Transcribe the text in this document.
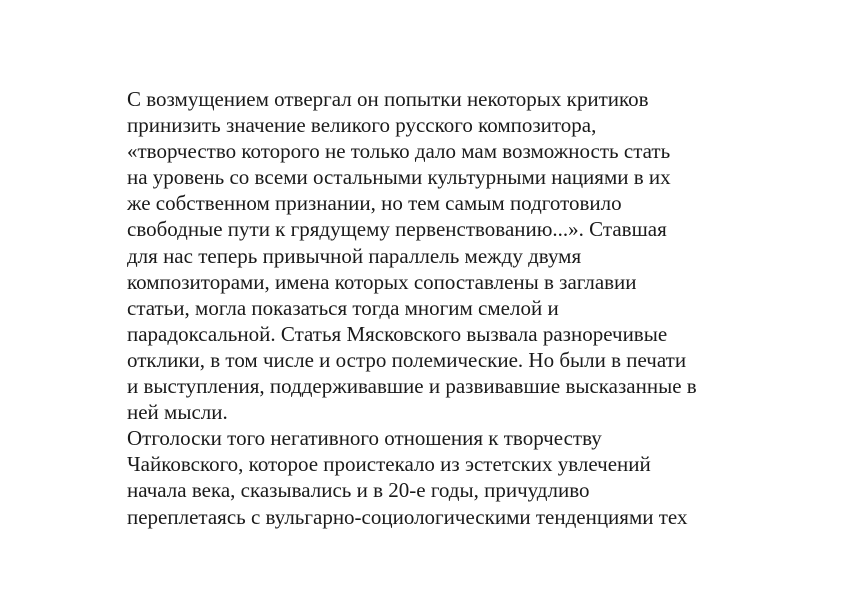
С возмущением отвергал он попытки некоторых критиков
принизить значение великого русского композитора,
«творчество которого не только дало мам возможность стать
на уровень со всеми остальными культурными нациями в их
же собственном признании, но тем самым подготовило
свободные пути к грядущему первенствованию...». Ставшая
для нас теперь привычной параллель между двумя
композиторами, имена которых сопоставлены в заглавии
статьи, могла показаться тогда многим смелой и
парадоксальной. Статья Мясковского вызвала разноречивые
отклики, в том числе и остро полемические. Но были в печати
и выступления, поддерживавшие и развивавшие высказанные в
ней мысли.
Отголоски того негативного отношения к творчеству
Чайковского, которое проистекало из эстетских увлечений
начала века, сказывались и в 20-е годы, причудливо
переплетаясь с вульгарно-социологическими тенденциями тех
